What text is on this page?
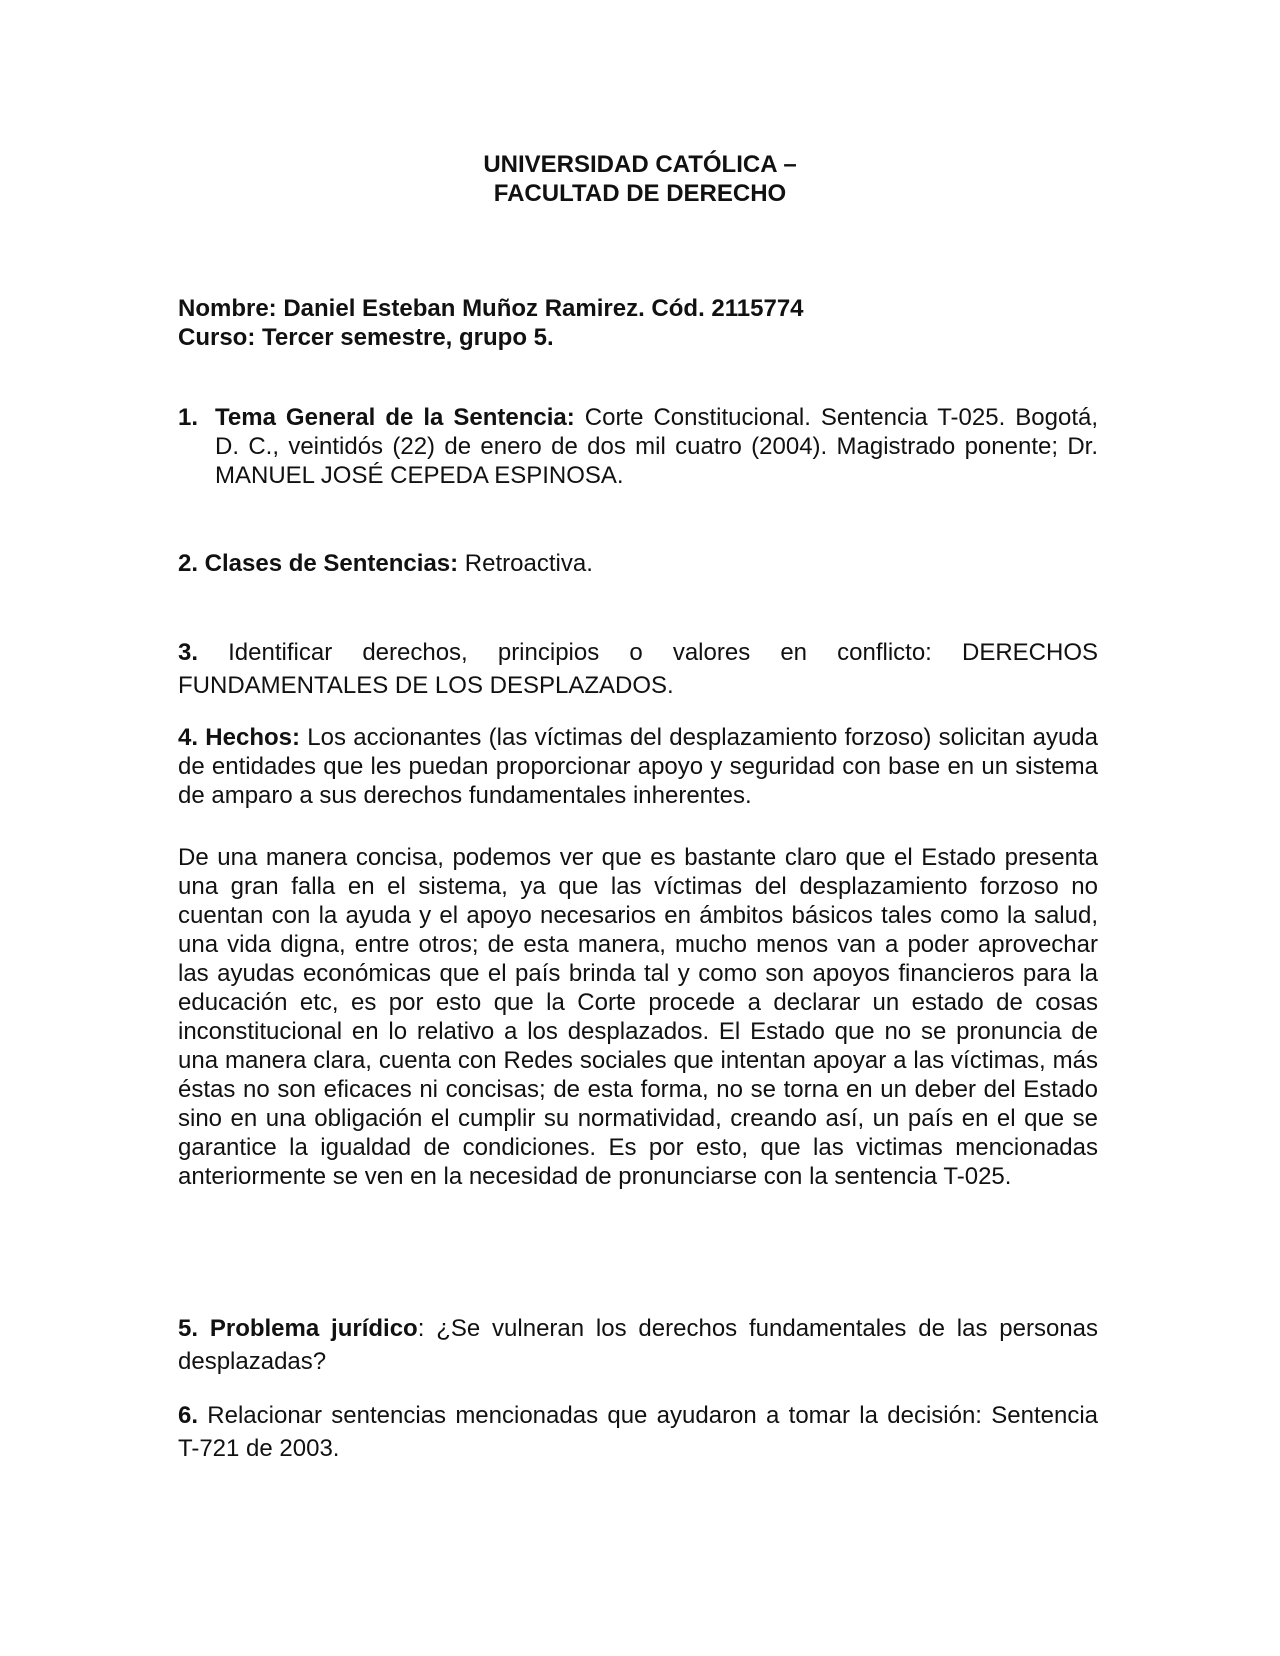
UNIVERSIDAD CATÓLICA –
FACULTAD DE DERECHO

Nombre: Daniel Esteban Muñoz Ramirez. Cód. 2115774

Curso: Tercer semestre, grupo 5.

1. Tema General de la Sentencia: Corte Constitucional. Sentencia T-025. Bogotá, D. C., veintidós (22) de enero de dos mil cuatro (2004). Magistrado ponente; Dr. MANUEL JOSÉ CEPEDA ESPINOSA.
2. Clases de Sentencias: Retroactiva.
3. Identificar derechos, principios o valores en conflicto: DERECHOS FUNDAMENTALES DE LOS DESPLAZADOS.
4. Hechos: Los accionantes (las víctimas del desplazamiento forzoso) solicitan ayuda de entidades que les puedan proporcionar apoyo y seguridad con base en un sistema de amparo a sus derechos fundamentales inherentes.
De una manera concisa, podemos ver que es bastante claro que el Estado presenta una gran falla en el sistema, ya que las víctimas del desplazamiento forzoso no cuentan con la ayuda y el apoyo necesarios en ámbitos básicos tales como la salud, una vida digna, entre otros; de esta manera, mucho menos van a poder aprovechar las ayudas económicas que el país brinda tal y como son apoyos financieros para la educación etc, es por esto que la Corte procede a declarar un estado de cosas inconstitucional en lo relativo a los desplazados. El Estado que no se pronuncia de una manera clara, cuenta con Redes sociales que intentan apoyar a las víctimas, más éstas no son eficaces ni concisas; de esta forma, no se torna en un deber del Estado sino en una obligación el cumplir su normatividad, creando así, un país en el que se garantice la igualdad de condiciones. Es por esto, que las victimas mencionadas anteriormente se ven en la necesidad de pronunciarse con la sentencia T-025.
5. Problema jurídico: ¿Se vulneran los derechos fundamentales de las personas desplazadas?
6. Relacionar sentencias mencionadas que ayudaron a tomar la decisión: Sentencia T-721 de 2003.
